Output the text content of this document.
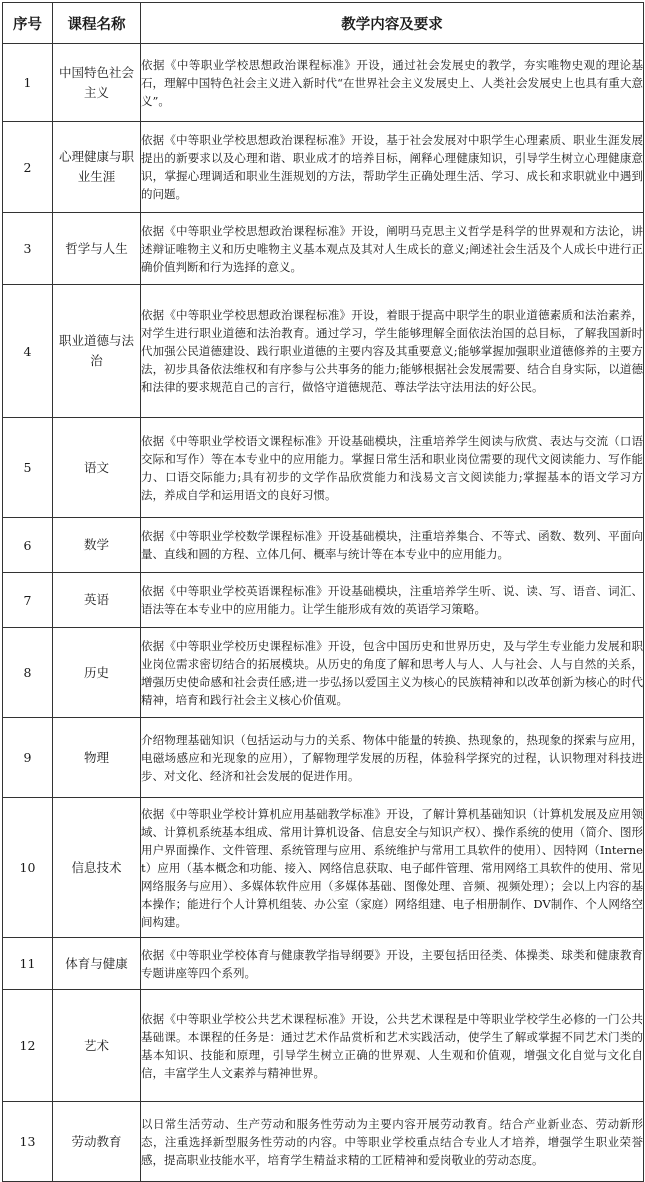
序号	课程名称	教学内容及要求
1	中国特色社会主义	依据《中等职业学校思想政治课程标准》开设，通过社会发展史的教学，夯实唯物史观的理论基石，理解中国特色社会主义进入新时代“在世界社会主义发展史上、人类社会发展史上也具有重大意义”。
2	心理健康与职业生涯	依据《中等职业学校思想政治课程标准》开设，基于社会发展对中职学生心理素质、职业生涯发展提出的新要求以及心理和谐、职业成才的培养目标，阐释心理健康知识，引导学生树立心理健康意识，掌握心理调适和职业生涯规划的方法，帮助学生正确处理生活、学习、成长和求职就业中遇到的问题。
3	哲学与人生	依据《中等职业学校思想政治课程标准》开设，阐明马克思主义哲学是科学的世界观和方法论，讲述辩证唯物主义和历史唯物主义基本观点及其对人生成长的意义;阐述社会生活及个人成长中进行正确价值判断和行为选择的意义。
4	职业道德与法治	依据《中等职业学校思想政治课程标准》开设，着眼于提高中职学生的职业道德素质和法治素养，对学生进行职业道德和法治教育。通过学习，学生能够理解全面依法治国的总目标，了解我国新时代加强公民道德建设、践行职业道德的主要内容及其重要意义;能够掌握加强职业道德修养的主要方法，初步具备依法维权和有序参与公共事务的能力;能够根据社会发展需要、结合自身实际，以道德和法律的要求规范自己的言行，做恪守道德规范、尊法学法守法用法的好公民。
5	语文	依据《中等职业学校语文课程标准》开设基础模块，注重培养学生阅读与欣赏、表达与交流（口语交际和写作）等在本专业中的应用能力。掌握日常生活和职业岗位需要的现代文阅读能力、写作能力、口语交际能力;具有初步的文学作品欣赏能力和浅易文言文阅读能力;掌握基本的语文学习方法，养成自学和运用语文的良好习惯。
6	数学	依据《中等职业学校数学课程标准》开设基础模块，注重培养集合、不等式、函数、数列、平面向量、直线和圆的方程、立体几何、概率与统计等在本专业中的应用能力。
7	英语	依据《中等职业学校英语课程标准》开设基础模块，注重培养学生听、说、读、写、语音、词汇、语法等在本专业中的应用能力。让学生能形成有效的英语学习策略。
8	历史	依据《中等职业学校历史课程标准》开设，包含中国历史和世界历史，及与学生专业能力发展和职业岗位需求密切结合的拓展模块。从历史的角度了解和思考人与人、人与社会、人与自然的关系，增强历史使命感和社会责任感;进一步弘扬以爱国主义为核心的民族精神和以改革创新为核心的时代精神，培育和践行社会主义核心价值观。
9	物理	介绍物理基础知识（包括运动与力的关系、物体中能量的转换、热现象的，热现象的探索与应用，电磁场感应和光现象的应用），了解物理学发展的历程，体验科学探究的过程，认识物理对科技进步、对文化、经济和社会发展的促进作用。
10	信息技术	依据《中等职业学校计算机应用基础教学标准》开设，了解计算机基础知识（计算机发展及应用领域、计算机系统基本组成、常用计算机设备、信息安全与知识产权）、操作系统的使用（简介、图形用户界面操作、文件管理、系统管理与应用、系统维护与常用工具软件的使用）、因特网（Internet）应用（基本概念和功能、接入、网络信息获取、电子邮件管理、常用网络工具软件的使用、常见网络服务与应用）、多媒体软件应用（多媒体基础、图像处理、音频、视频处理）；会以上内容的基本操作；能进行个人计算机组装、办公室（家庭）网络组建、电子相册制作、DV制作、个人网络空间构建。
11	体育与健康	依据《中等职业学校体育与健康教学指导纲要》开设，主要包括田径类、体操类、球类和健康教育专题讲座等四个系列。
12	艺术	依据《中等职业学校公共艺术课程标准》开设，公共艺术课程是中等职业学校学生必修的一门公共基础课。本课程的任务是：通过艺术作品赏析和艺术实践活动，使学生了解或掌握不同艺术门类的基本知识、技能和原理，引导学生树立正确的世界观、人生观和价值观，增强文化自觉与文化自信，丰富学生人文素养与精神世界。
13	劳动教育	以日常生活劳动、生产劳动和服务性劳动为主要内容开展劳动教育。结合产业新业态、劳动新形态，注重选择新型服务性劳动的内容。中等职业学校重点结合专业人才培养，增强学生职业荣誉感，提高职业技能水平，培育学生精益求精的工匠精神和爱岗敬业的劳动态度。
